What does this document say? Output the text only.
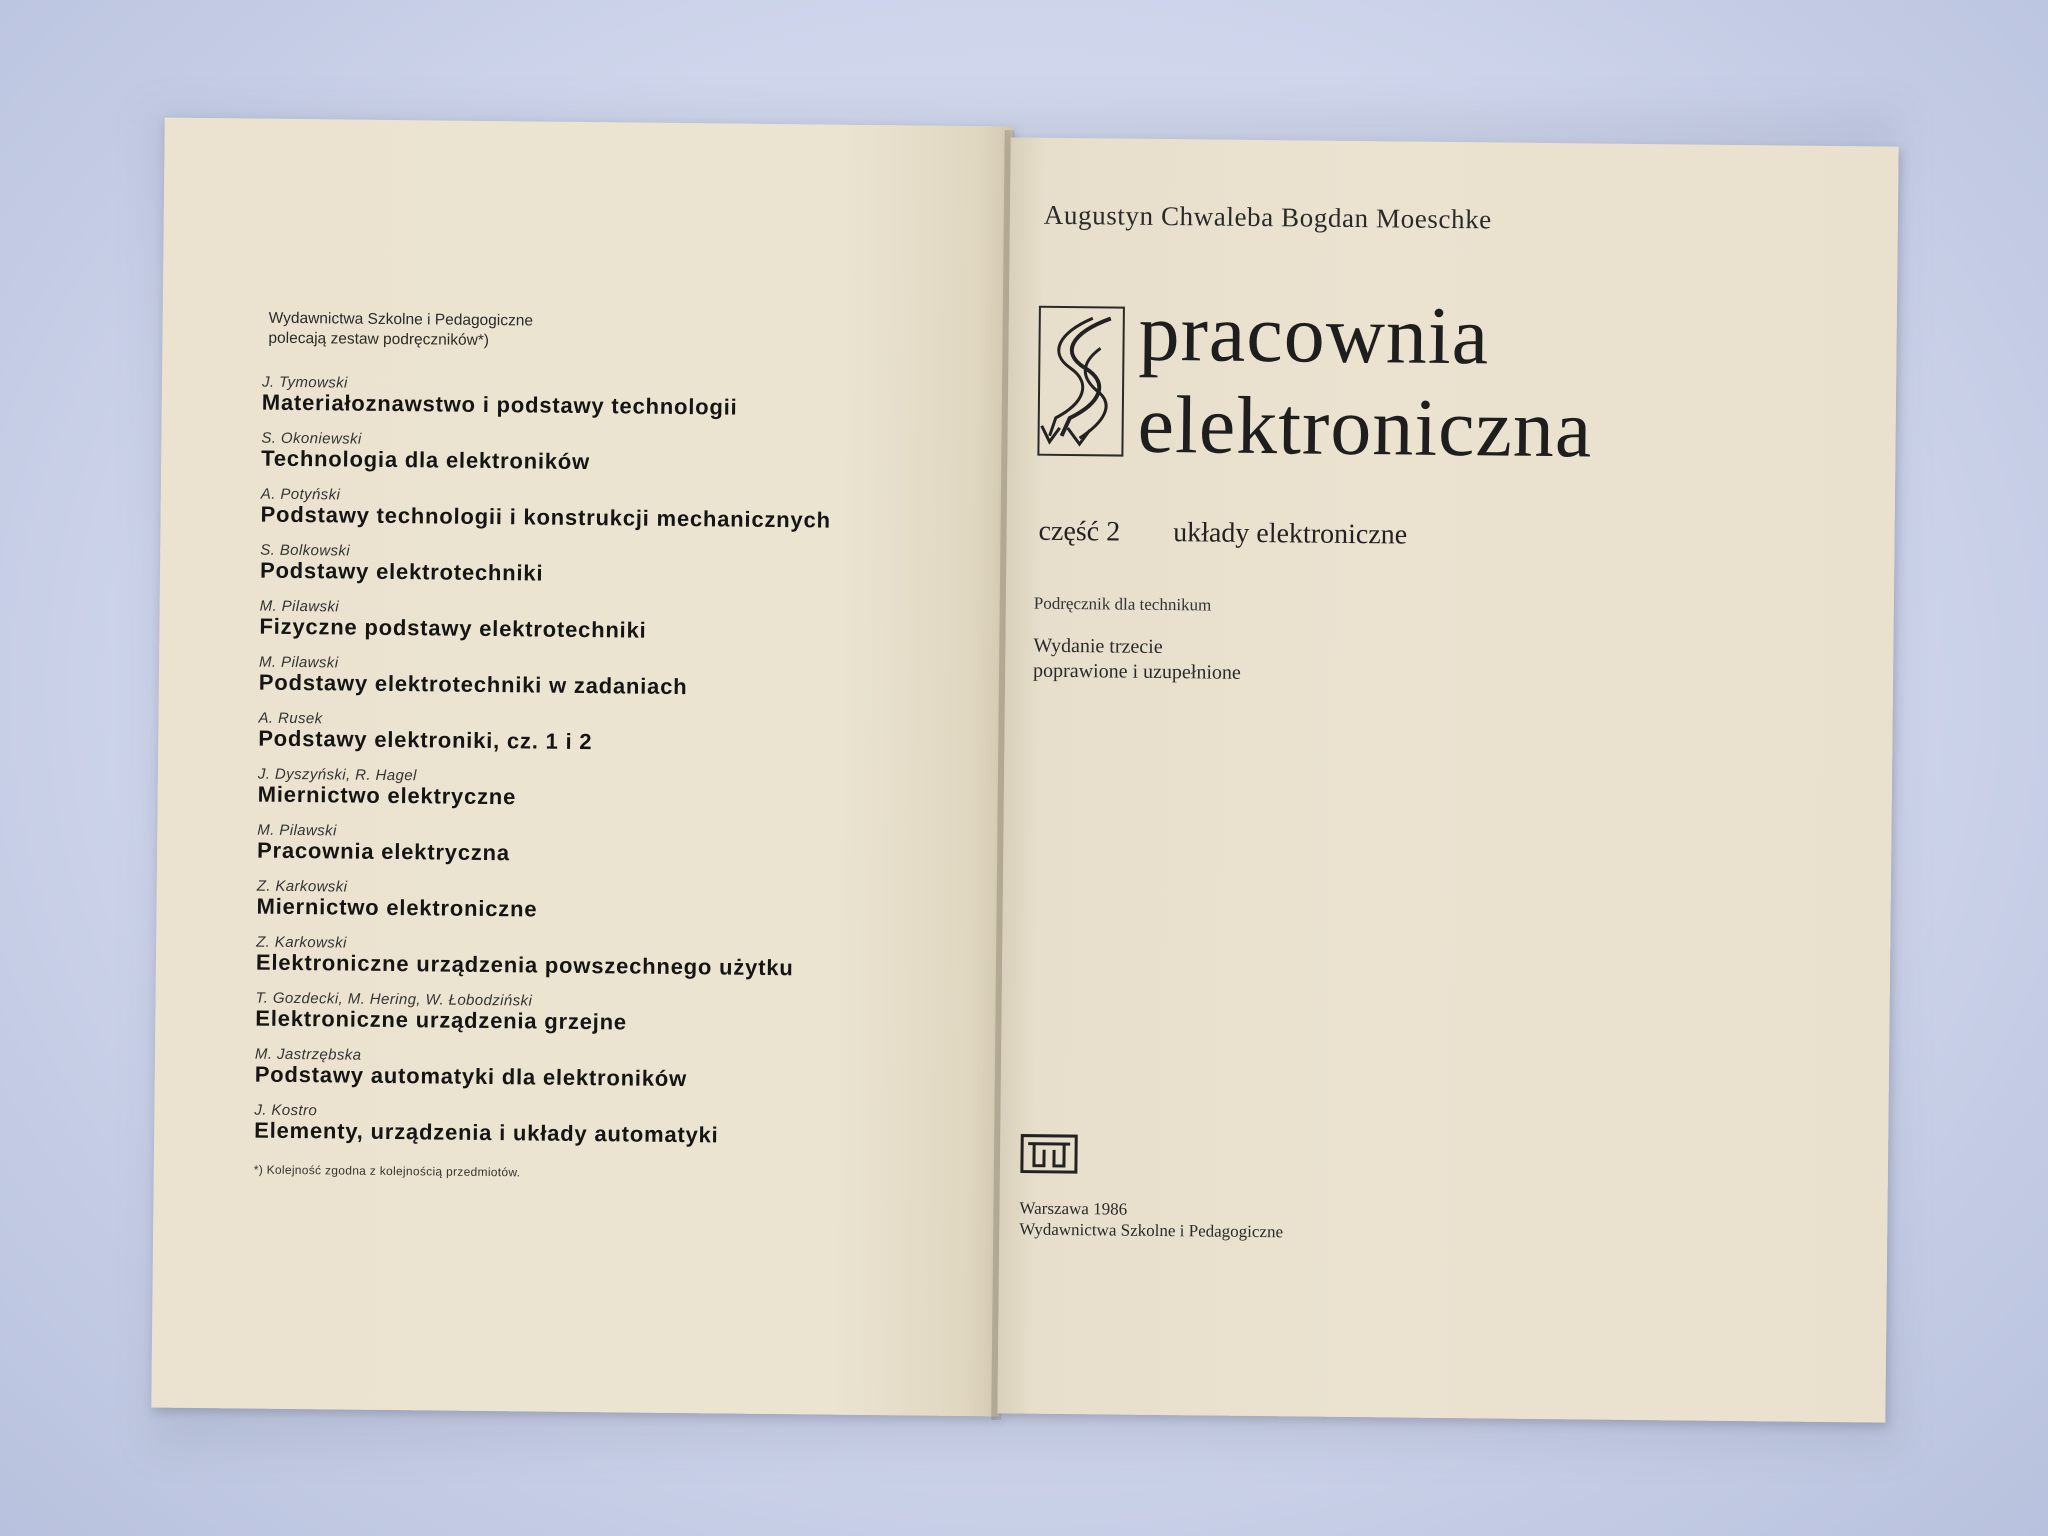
Wydawnictwa Szkolne i Pedagogiczne
polecają zestaw podręczników*)
J. Tymowski
Materiałoznawstwo i podstawy technologii
S. Okoniewski
Technologia dla elektroników
A. Potyński
Podstawy technologii i konstrukcji mechanicznych
S. Bolkowski
Podstawy elektrotechniki
M. Pilawski
Fizyczne podstawy elektrotechniki
M. Pilawski
Podstawy elektrotechniki w zadaniach
A. Rusek
Podstawy elektroniki, cz. 1 i 2
J. Dyszyński, R. Hagel
Miernictwo elektryczne
M. Pilawski
Pracownia elektryczna
Z. Karkowski
Miernictwo elektroniczne
Z. Karkowski
Elektroniczne urządzenia powszechnego użytku
T. Gozdecki, M. Hering, W. Łobodziński
Elektroniczne urządzenia grzejne
M. Jastrzębska
Podstawy automatyki dla elektroników
J. Kostro
Elementy, urządzenia i układy automatyki
*) Kolejność zgodna z kolejnością przedmiotów.
Augustyn Chwaleba Bogdan Moeschke
pracownia
elektroniczna
część 2 układy elektroniczne
Podręcznik dla technikum
Wydanie trzecie
poprawione i uzupełnione
Warszawa 1986
Wydawnictwa Szkolne i Pedagogiczne
